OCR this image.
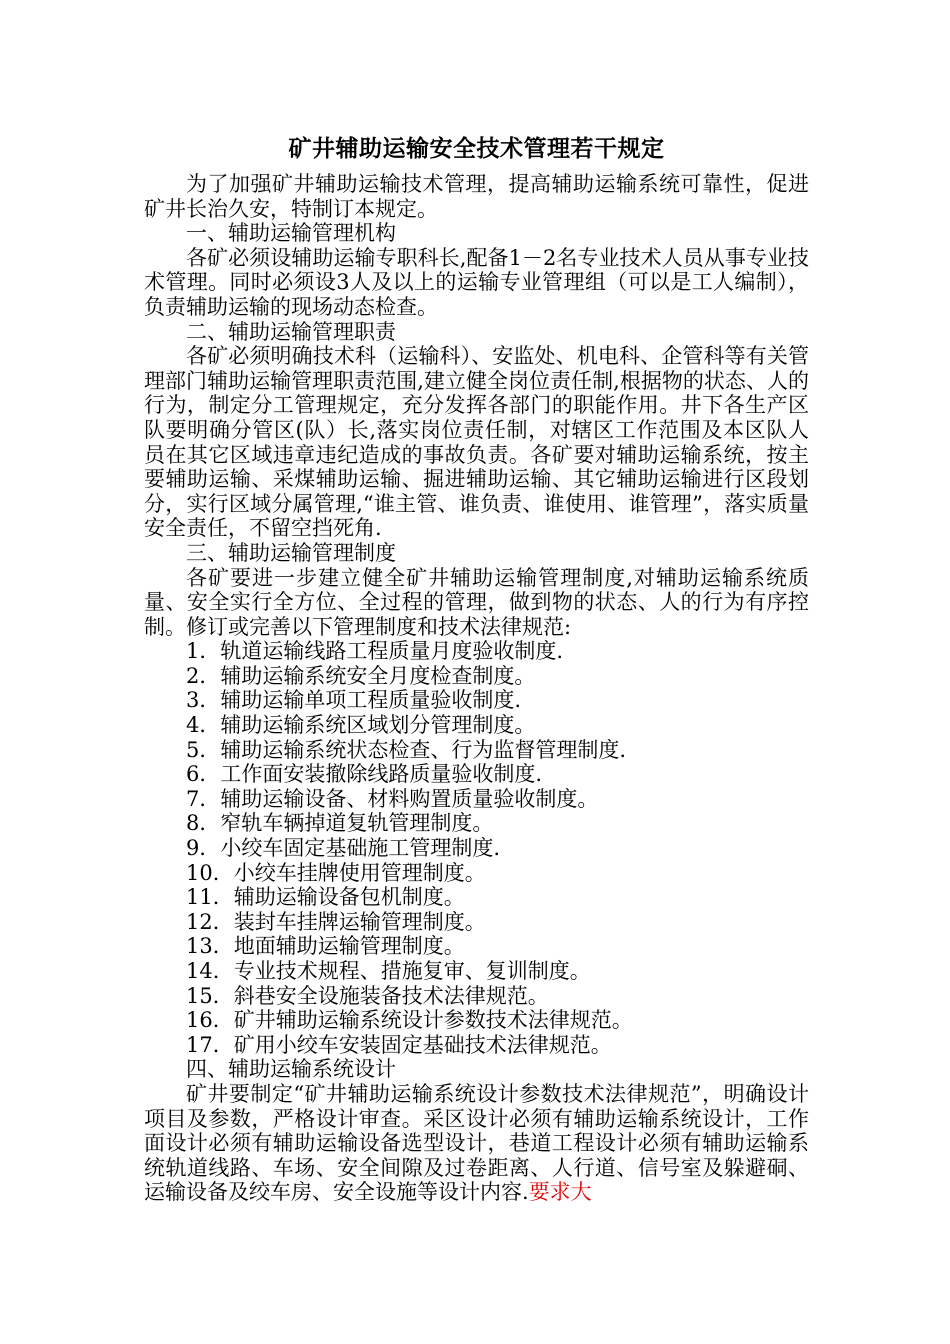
矿井辅助运输安全技术管理若干规定

为了加强矿井辅助运输技术管理，提高辅助运输系统可靠性，促进矿井长治久安，特制订本规定。

一、辅助运输管理机构

各矿必须设辅助运输专职科长,配备1－2名专业技术人员从事专业技术管理。同时必须设3人及以上的运输专业管理组（可以是工人编制），负责辅助运输的现场动态检查。

二、辅助运输管理职责

各矿必须明确技术科（运输科）、安监处、机电科、企管科等有关管理部门辅助运输管理职责范围,建立健全岗位责任制,根据物的状态、人的行为，制定分工管理规定，充分发挥各部门的职能作用。井下各生产区队要明确分管区(队）长,落实岗位责任制，对辖区工作范围及本区队人员在其它区域违章违纪造成的事故负责。各矿要对辅助运输系统，按主要辅助运输、采煤辅助运输、掘进辅助运输、其它辅助运输进行区段划分，实行区域分属管理,“谁主管、谁负责、谁使用、谁管理”，落实质量安全责任，不留空挡死角.

三、辅助运输管理制度

各矿要进一步建立健全矿井辅助运输管理制度,对辅助运输系统质量、安全实行全方位、全过程的管理，做到物的状态、人的行为有序控制。修订或完善以下管理制度和技术法律规范:

1．轨道运输线路工程质量月度验收制度.

2．辅助运输系统安全月度检查制度。

3．辅助运输单项工程质量验收制度.

4．辅助运输系统区域划分管理制度。

5．辅助运输系统状态检查、行为监督管理制度.

6．工作面安装撤除线路质量验收制度.

7．辅助运输设备、材料购置质量验收制度。

8．窄轨车辆掉道复轨管理制度。

9．小绞车固定基础施工管理制度.

10．小绞车挂牌使用管理制度。

11．辅助运输设备包机制度。

12．装封车挂牌运输管理制度。

13．地面辅助运输管理制度。

14．专业技术规程、措施复审、复训制度。

15．斜巷安全设施装备技术法律规范。

16．矿井辅助运输系统设计参数技术法律规范。

17．矿用小绞车安装固定基础技术法律规范。

四、辅助运输系统设计

矿井要制定“矿井辅助运输系统设计参数技术法律规范”，明确设计项目及参数，严格设计审查。采区设计必须有辅助运输系统设计，工作面设计必须有辅助运输设备选型设计，巷道工程设计必须有辅助运输系统轨道线路、车场、安全间隙及过卷距离、人行道、信号室及躲避硐、运输设备及绞车房、安全设施等设计内容.要求大
